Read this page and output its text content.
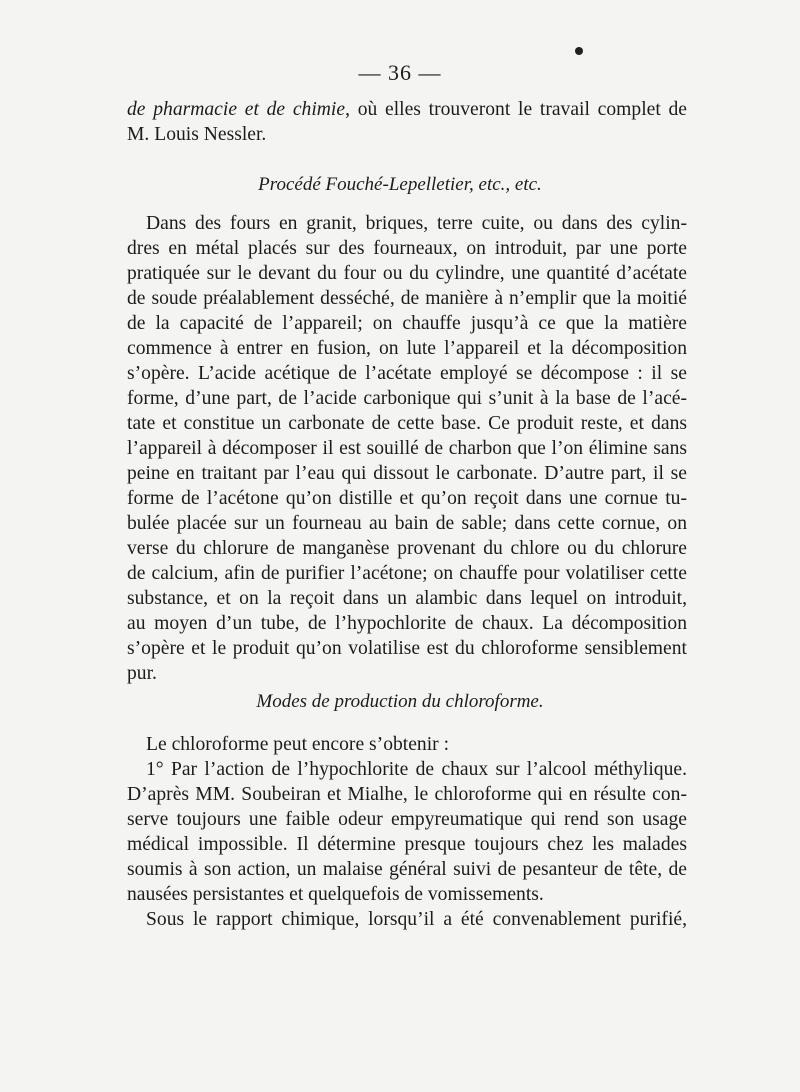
— 36 —
de pharmacie et de chimie, où elles trouveront le travail complet de
M. Louis Nessler.
Procédé Fouché-Lepelletier, etc., etc.
Dans des fours en granit, briques, terre cuite, ou dans des cylin-
dres en métal placés sur des fourneaux, on introduit, par une porte
pratiquée sur le devant du four ou du cylindre, une quantité d’acétate
de soude préalablement desséché, de manière à n’emplir que la moitié
de la capacité de l’appareil; on chauffe jusqu’à ce que la matière
commence à entrer en fusion, on lute l’appareil et la décomposition
s’opère. L’acide acétique de l’acétate employé se décompose : il se
forme, d’une part, de l’acide carbonique qui s’unit à la base de l’acé-
tate et constitue un carbonate de cette base. Ce produit reste, et dans
l’appareil à décomposer il est souillé de charbon que l’on élimine sans
peine en traitant par l’eau qui dissout le carbonate. D’autre part, il se
forme de l’acétone qu’on distille et qu’on reçoit dans une cornue tu-
bulée placée sur un fourneau au bain de sable; dans cette cornue, on
verse du chlorure de manganèse provenant du chlore ou du chlorure
de calcium, afin de purifier l’acétone; on chauffe pour volatiliser cette
substance, et on la reçoit dans un alambic dans lequel on introduit,
au moyen d’un tube, de l’hypochlorite de chaux. La décomposition
s’opère et le produit qu’on volatilise est du chloroforme sensiblement
pur.
Modes de production du chloroforme.
Le chloroforme peut encore s’obtenir :
1° Par l’action de l’hypochlorite de chaux sur l’alcool méthylique.
D’après MM. Soubeiran et Mialhe, le chloroforme qui en résulte con-
serve toujours une faible odeur empyreumatique qui rend son usage
médical impossible. Il détermine presque toujours chez les malades
soumis à son action, un malaise général suivi de pesanteur de tête, de
nausées persistantes et quelquefois de vomissements.
Sous le rapport chimique, lorsqu’il a été convenablement purifié,
